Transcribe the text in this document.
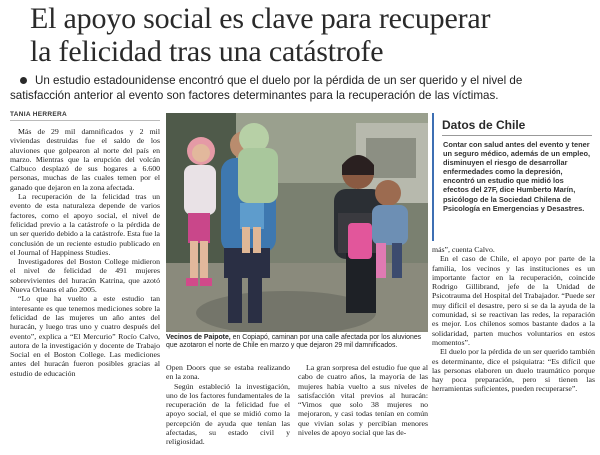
El apoyo social es clave para recuperar
la felicidad tras una catástrofe
Un estudio estadounidense encontró que el duelo por la pérdida de un ser querido y el nivel de
satisfacción anterior al evento son factores determinantes para la recuperación de las víctimas.
TANIA HERRERA

Más de 29 mil damnificados y 2 mil viviendas destruidas fue el saldo de los aluviones que golpearon al norte del país en marzo. Mientras que la erupción del volcán Calbuco desplazó de sus hogares a 6.600 personas, muchas de las cuales temen por el ganado que dejaron en la zona afectada.

La recuperación de la felicidad tras un evento de esta naturaleza depende de varios factores, como el apoyo social, el nivel de felicidad previo a la catástrofe o la pérdida de un ser querido debido a la catástrofe. Esta fue la conclusión de un reciente estudio publicado en el Journal of Happiness Studies.

Investigadores del Boston College midieron el nivel de felicidad de 491 mujeres sobrevivientes del huracán Katrina, que azotó Nueva Orleans el año 2005.

“Lo que ha vuelto a este estudio tan interesante es que tenemos mediciones sobre la felicidad de las mujeres un año antes del huracán, y luego tras uno y cuatro después del evento”, explica a “El Mercurio” Rocío Calvo, autora de la investigación y docente de Trabajo Social en el Boston College. Las mediciones antes del huracán fueron posibles gracias al estudio de educación

Vecinos de Paipote, en Copiapó, caminan por una calle afectada por los aluviones que azotaron el norte de Chile en marzo y que dejaron 29 mil damnificados.
Datos de Chile
Contar con salud antes del evento y tener un seguro médico, además de un empleo, disminuyen el riesgo de desarrollar enfermedades como la depresión, encontró un estudio que midió los efectos del 27F, dice Humberto Marín, psicólogo de la Sociedad Chilena de Psicología en Emergencias y Desastres.

Open Doors que se estaba realizando en la zona.

Según estableció la investigación, uno de los factores fundamentales de la recuperación de la felicidad fue el apoyo social, el que se midió como la percepción de ayuda que tenían las afectadas, su estado civil y religiosidad.

La gran sorpresa del estudio fue que al cabo de cuatro años, la mayoría de las mujeres había vuelto a sus niveles de satisfacción vital previos al huracán: “Vimos que solo 38 mujeres no mejoraron, y casi todas tenían en común que vivían solas y percibían menores niveles de apoyo social que las de-

más”, cuenta Calvo.

En el caso de Chile, el apoyo por parte de la familia, los vecinos y las instituciones es un importante factor en la recuperación, coincide Rodrigo Gillibrand, jefe de la Unidad de Psicotrauma del Hospital del Trabajador. “Puede ser muy difícil el desastre, pero si se da la ayuda de la comunidad, si se reactivan las redes, la reparación es mejor. Los chilenos somos bastante dados a la solidaridad, parten muchos voluntarios en estos momentos”.

El duelo por la pérdida de un ser querido también es determinante, dice el psiquiatra: “Es difícil que las personas elaboren un duelo traumático porque hay poca preparación, pero si tienen las herramientas suficientes, pueden recuperarse”.
